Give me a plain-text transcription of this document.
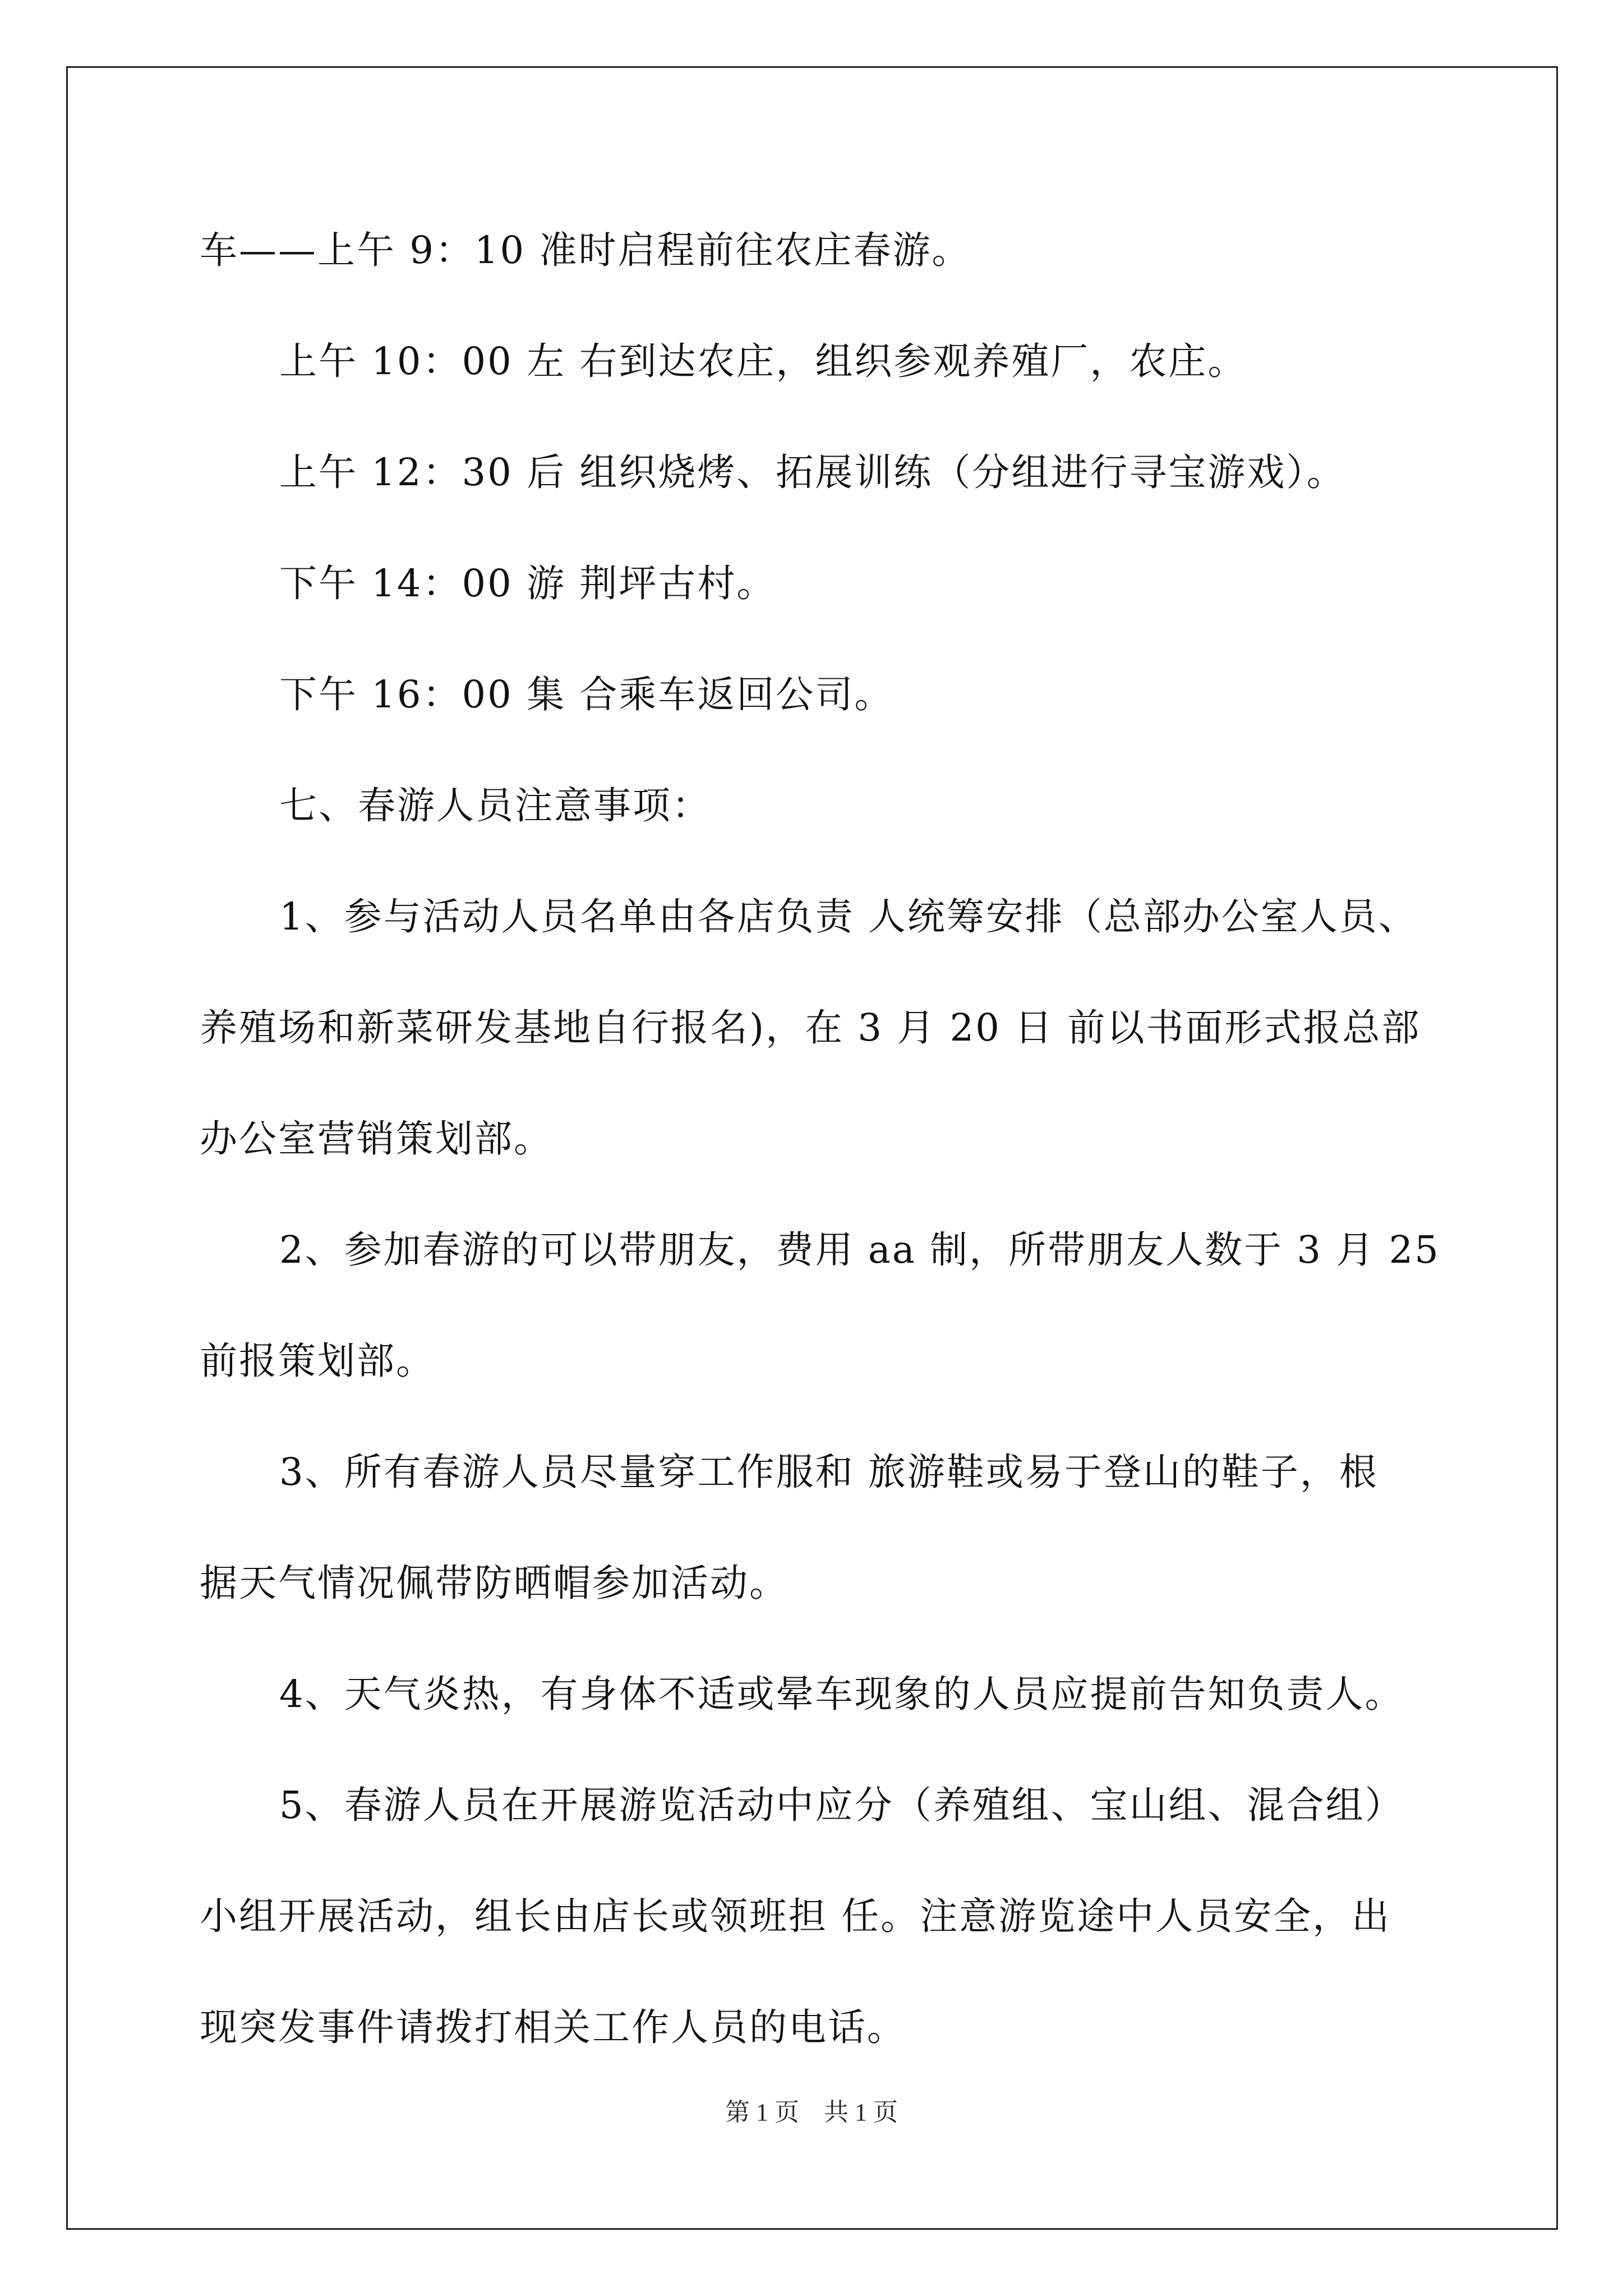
车——上午 9：10 准时启程前往农庄春游。
上午 10：00 左 右到达农庄，组织参观养殖厂，农庄。
上午 12：30 后 组织烧烤、拓展训练（分组进行寻宝游戏）。
下午 14：00 游 荆坪古村。
下午 16：00 集 合乘车返回公司。
七、春游人员注意事项：
1、参与活动人员名单由各店负责 人统筹安排（总部办公室人员、
养殖场和新菜研发基地自行报名)，在 3 月 20 日 前以书面形式报总部
办公室营销策划部。
2、参加春游的可以带朋友，费用 aa 制，所带朋友人数于 3 月 25
前报策划部。
3、所有春游人员尽量穿工作服和 旅游鞋或易于登山的鞋子，根
据天气情况佩带防晒帽参加活动。
4、天气炎热，有身体不适或晕车现象的人员应提前告知负责人。
5、春游人员在开展游览活动中应分（养殖组、宝山组、混合组）
小组开展活动，组长由店长或领班担 任。注意游览途中人员安全，出
现突发事件请拨打相关工作人员的电话。
第 1 页　共 1 页
